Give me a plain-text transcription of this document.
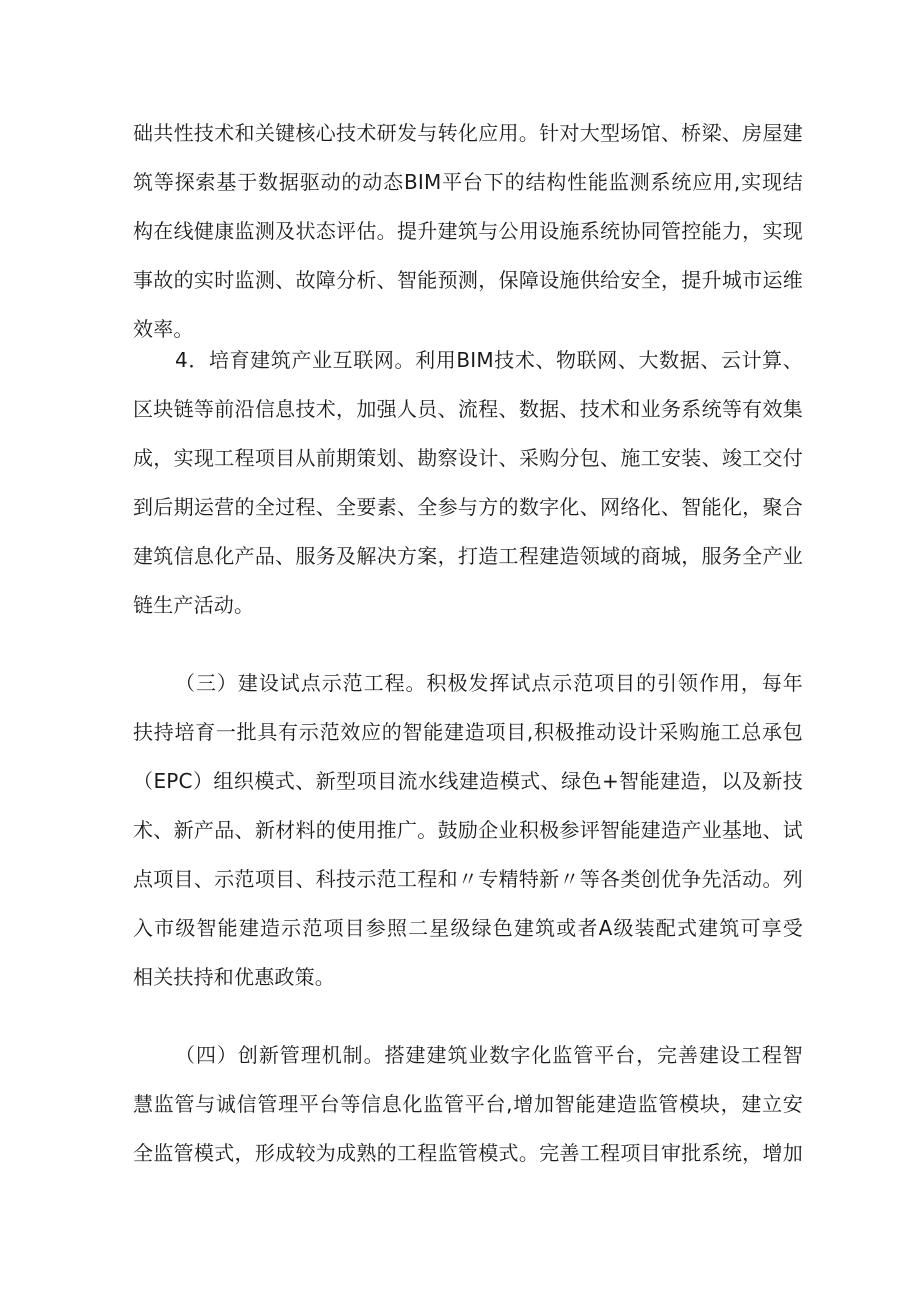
础共性技术和关键核心技术研发与转化应用。针对大型场馆、桥梁、房屋建
筑等探索基于数据驱动的动态BIM平台下的结构性能监测系统应用,实现结
构在线健康监测及状态评估。提升建筑与公用设施系统协同管控能力，实现
事故的实时监测、故障分析、智能预测，保障设施供给安全，提升城市运维
效率。
4．培育建筑产业互联网。利用BIM技术、物联网、大数据、云计算、
区块链等前沿信息技术，加强人员、流程、数据、技术和业务系统等有效集
成，实现工程项目从前期策划、勘察设计、采购分包、施工安装、竣工交付
到后期运营的全过程、全要素、全参与方的数字化、网络化、智能化，聚合
建筑信息化产品、服务及解决方案，打造工程建造领域的商城，服务全产业
链生产活动。
（三）建设试点示范工程。积极发挥试点示范项目的引领作用，每年
扶持培育一批具有示范效应的智能建造项目,积极推动设计采购施工总承包
（EPC）组织模式、新型项目流水线建造模式、绿色+智能建造，以及新技
术、新产品、新材料的使用推广。鼓励企业积极参评智能建造产业基地、试
点项目、示范项目、科技示范工程和〃专精特新〃等各类创优争先活动。列
入市级智能建造示范项目参照二星级绿色建筑或者A级装配式建筑可享受
相关扶持和优惠政策。
（四）创新管理机制。搭建建筑业数字化监管平台，完善建设工程智
慧监管与诚信管理平台等信息化监管平台,增加智能建造监管模块，建立安
全监管模式，形成较为成熟的工程监管模式。完善工程项目审批系统，增加
